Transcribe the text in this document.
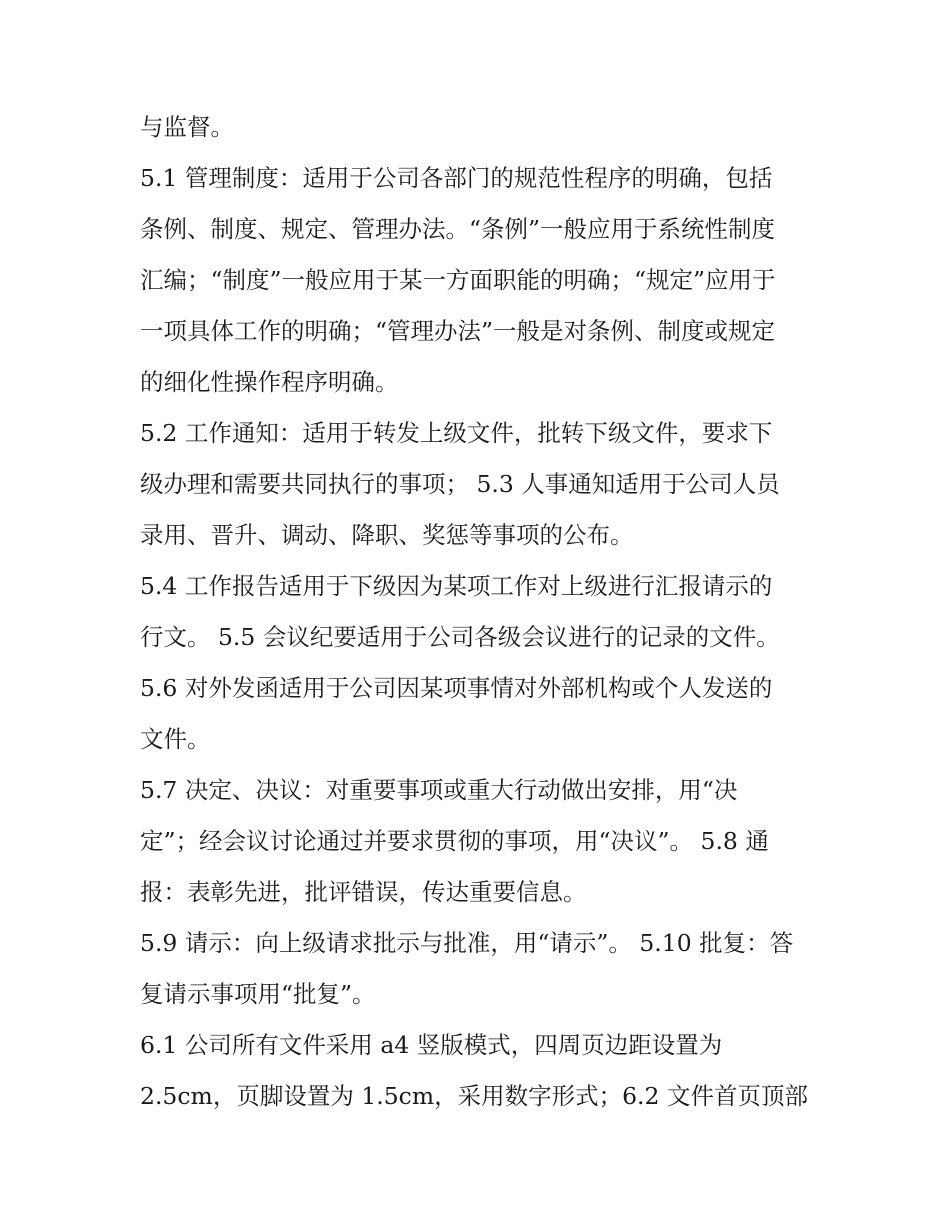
与监督。
5.1 管理制度：适用于公司各部门的规范性程序的明确，包括
条例、制度、规定、管理办法。“条例”一般应用于系统性制度
汇编；“制度”一般应用于某一方面职能的明确；“规定”应用于
一项具体工作的明确；“管理办法”一般是对条例、制度或规定
的细化性操作程序明确。
5.2 工作通知：适用于转发上级文件，批转下级文件，要求下
级办理和需要共同执行的事项； 5.3 人事通知适用于公司人员
录用、晋升、调动、降职、奖惩等事项的公布。
5.4 工作报告适用于下级因为某项工作对上级进行汇报请示的
行文。 5.5 会议纪要适用于公司各级会议进行的记录的文件。
5.6 对外发函适用于公司因某项事情对外部机构或个人发送的
文件。
5.7 决定、决议：对重要事项或重大行动做出安排，用“决
定”；经会议讨论通过并要求贯彻的事项，用“决议”。 5.8 通
报：表彰先进，批评错误，传达重要信息。
5.9 请示：向上级请求批示与批准，用“请示”。 5.10 批复：答
复请示事项用“批复”。
6.1 公司所有文件采用 a4 竖版模式，四周页边距设置为
2.5cm，页脚设置为 1.5cm，采用数字形式；6.2 文件首页顶部
